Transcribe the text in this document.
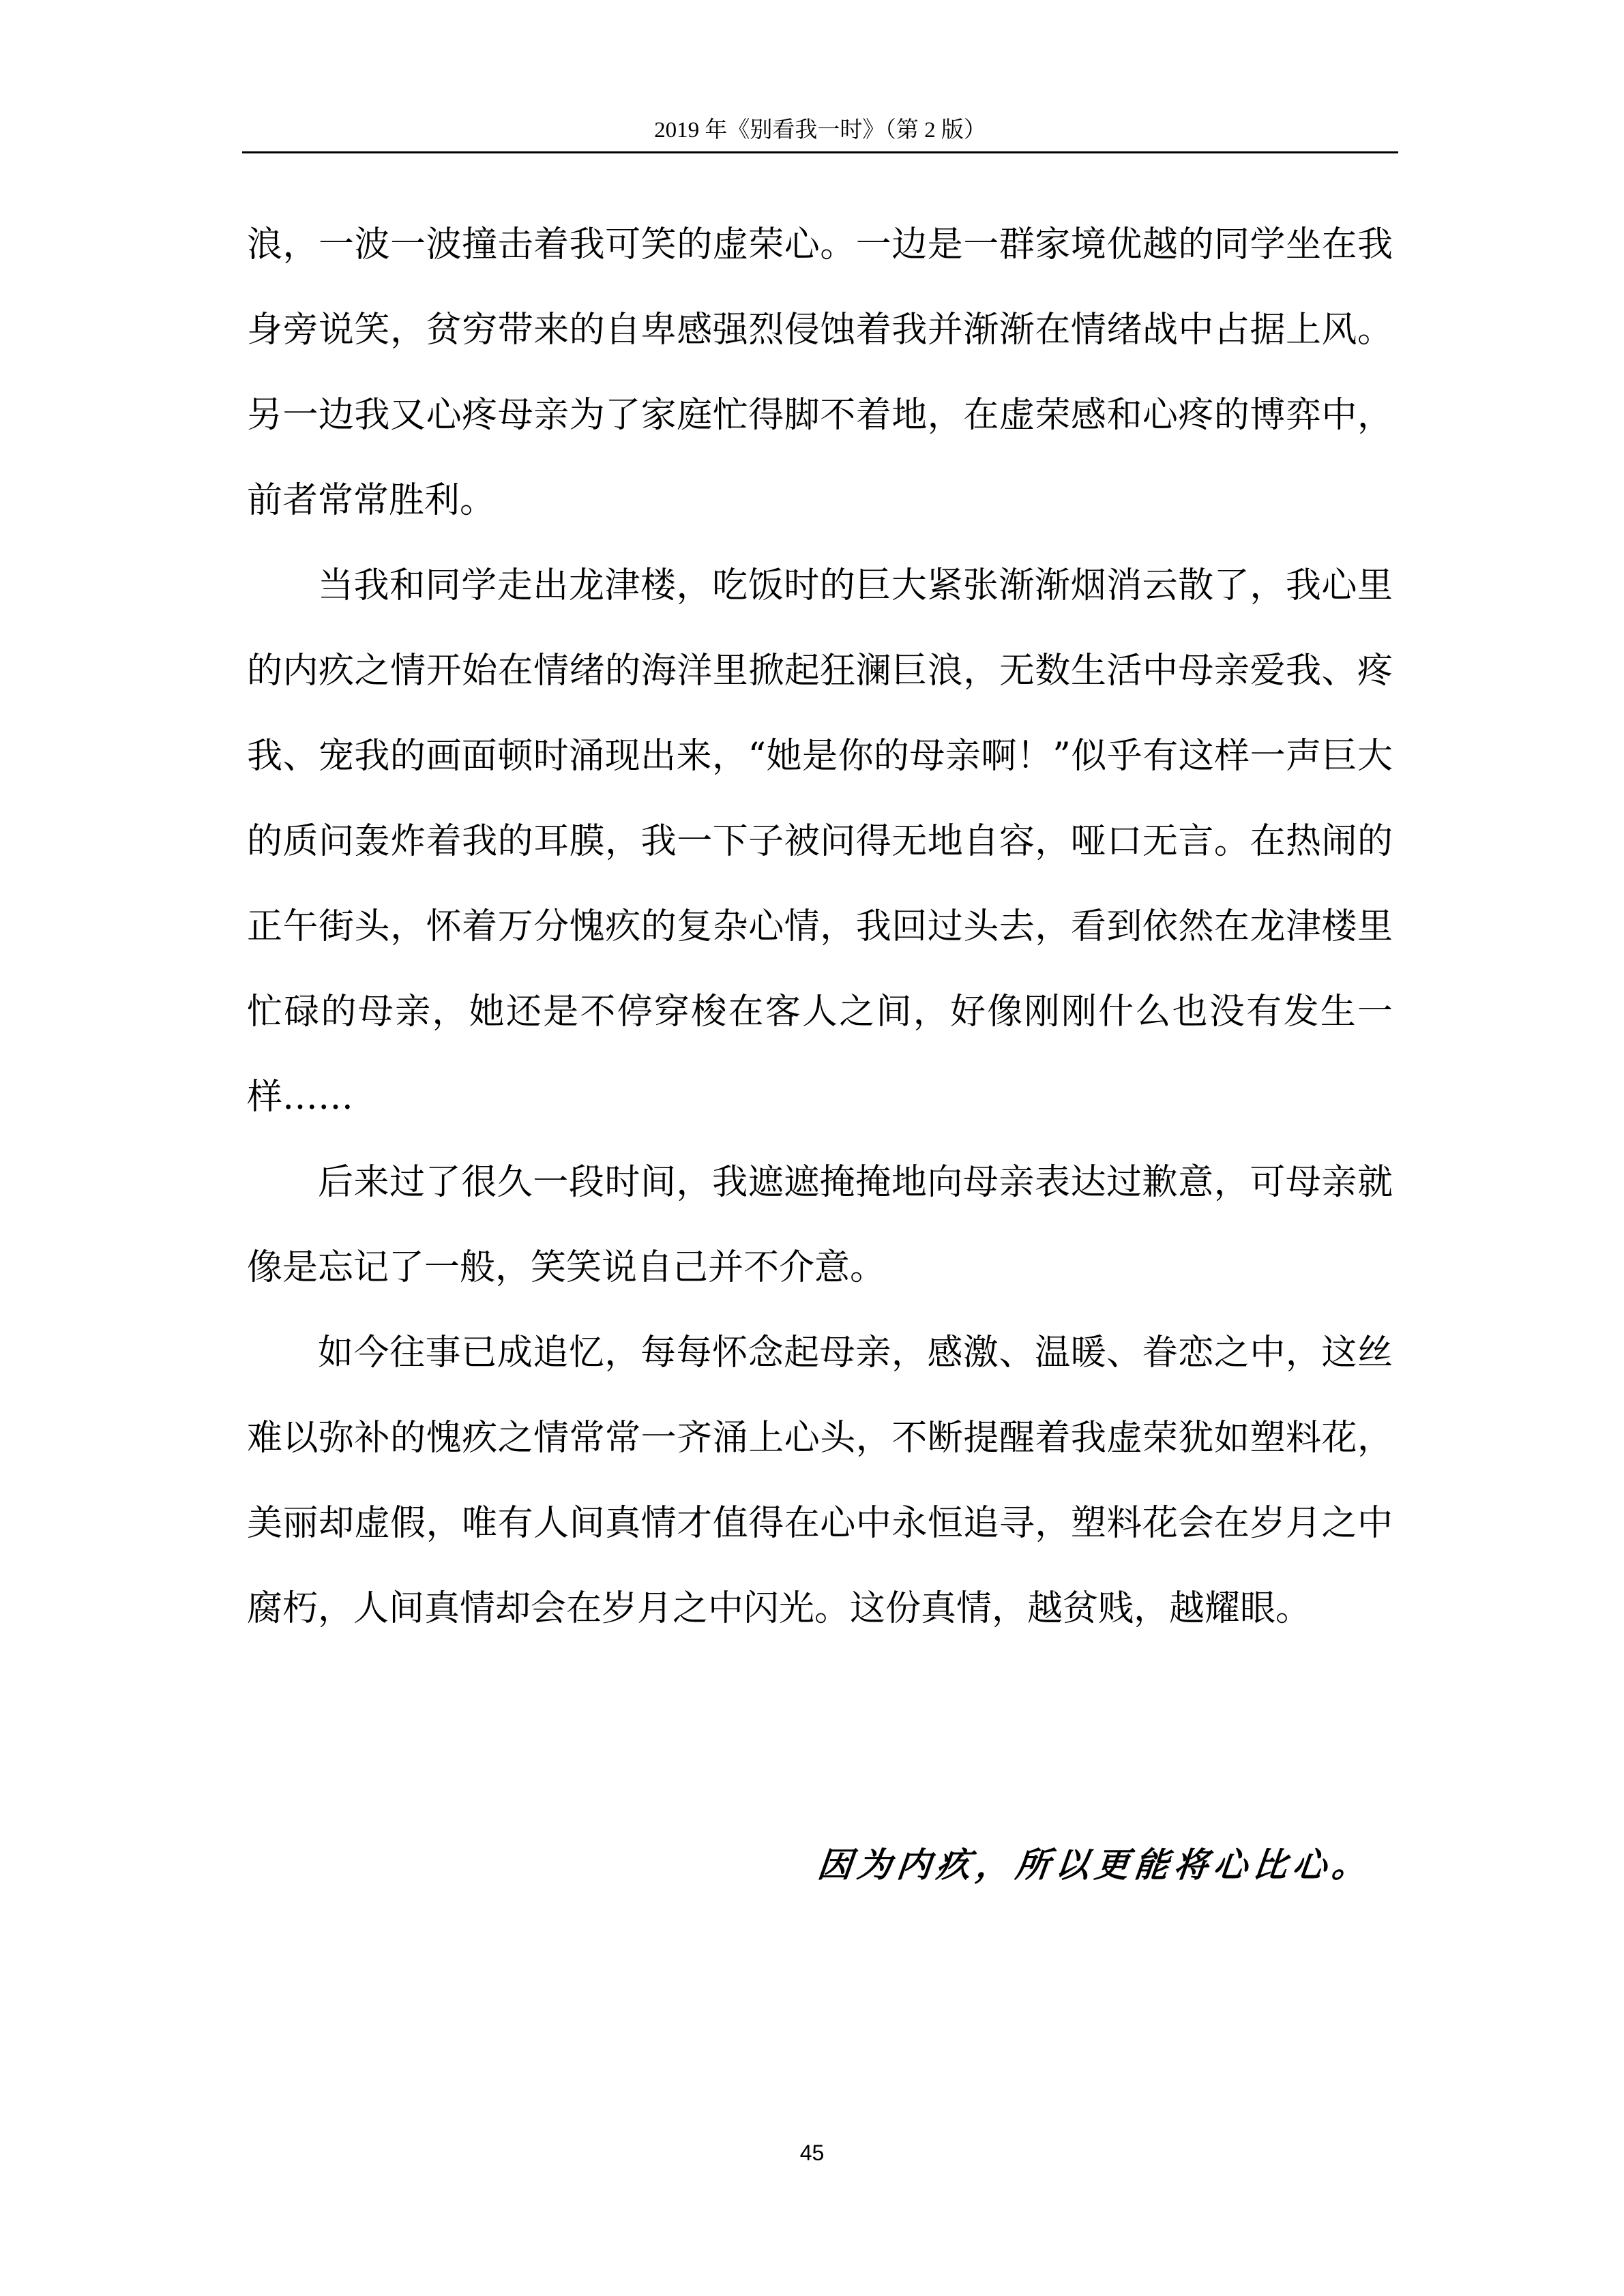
2019 年《别看我一时》（第 2 版）

浪，一波一波撞击着我可笑的虚荣心。一边是一群家境优越的同学坐在我身旁说笑，贫穷带来的自卑感强烈侵蚀着我并渐渐在情绪战中占据上风。另一边我又心疼母亲为了家庭忙得脚不着地，在虚荣感和心疼的博弈中，前者常常胜利。

当我和同学走出龙津楼，吃饭时的巨大紧张渐渐烟消云散了，我心里的内疚之情开始在情绪的海洋里掀起狂澜巨浪，无数生活中母亲爱我、疼我、宠我的画面顿时涌现出来，“她是你的母亲啊！”似乎有这样一声巨大的质问轰炸着我的耳膜，我一下子被问得无地自容，哑口无言。在热闹的正午街头，怀着万分愧疚的复杂心情，我回过头去，看到依然在龙津楼里忙碌的母亲，她还是不停穿梭在客人之间，好像刚刚什么也没有发生一样……

后来过了很久一段时间，我遮遮掩掩地向母亲表达过歉意，可母亲就像是忘记了一般，笑笑说自己并不介意。

如今往事已成追忆，每每怀念起母亲，感激、温暖、眷恋之中，这丝难以弥补的愧疚之情常常一齐涌上心头，不断提醒着我虚荣犹如塑料花，美丽却虚假，唯有人间真情才值得在心中永恒追寻，塑料花会在岁月之中腐朽，人间真情却会在岁月之中闪光。这份真情，越贫贱，越耀眼。

因为内疚，所以更能将心比心。
45
